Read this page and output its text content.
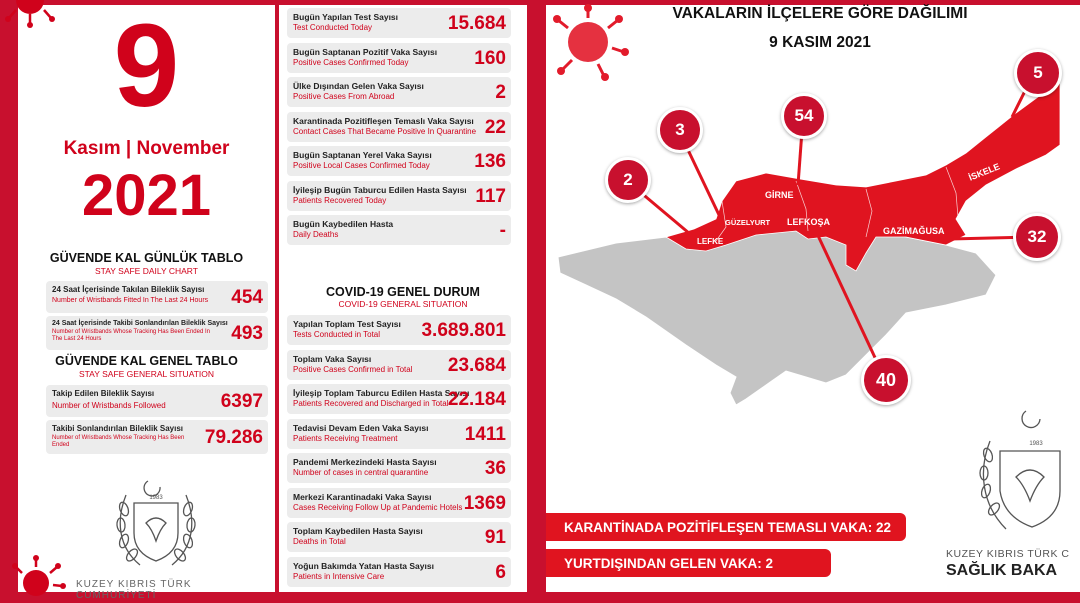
9
Kasım | November
2021
GÜVENDE KAL GÜNLÜK TABLO
STAY SAFE DAILY CHART
24 Saat İçerisinde Takılan Bileklik Sayısı
Number of Wristbands Fitted In The Last 24 Hours 454
24 Saat İçerisinde Takibi Sonlandırılan Bileklik Sayısı
Number of Wristbands Whose Tracking Has Been Ended In The Last 24 Hours	493
GÜVENDE KAL GENEL TABLO
STAY SAFE GENERAL SITUATION
Takip Edilen Bileklik Sayısı
Number of Wristbands Followed	6397
Takibi Sonlandırılan Bileklik Sayısı
Number of Wristbands Whose Tracking Has Been Ended	79.286
1983
KUZEY KIBRIS TÜRK CUMHURİYETİ
Bugün Yapılan Test Sayısı
Test Conducted Today	15.684
Bugün Saptanan Pozitif Vaka Sayısı
Positive Cases Confirmed Today	160
Ülke Dışından Gelen Vaka Sayısı
Positive Cases From Abroad	2
Karantinada Pozitifleşen Temaslı Vaka Sayısı
Contact Cases That Became Positive In Quarantine 22
Bugün Saptanan Yerel Vaka Sayısı
Positive Local Cases Confirmed Today 136
İyileşip Bugün Taburcu Edilen Hasta Sayısı
Patients Recovered Today	117
Bugün Kaybedilen Hasta
Daily Deaths	-
Yapılan Toplam Test Sayısı
Tests Conducted in Total 3.689.801
Toplam Vaka Sayısı
Positive Cases Confirmed in Total 23.684
İyileşip Toplam Taburcu Edilen Hasta Sayısı
Patients Recovered and Discharged in Total 22.184
Tedavisi Devam Eden Vaka Sayısı
Patients Receiving Treatment	1411
Pandemi Merkezindeki Hasta Sayısı
Number of cases in central quarantine	36
Merkezi Karantinadaki Vaka Sayısı
Cases Receiving Follow Up at Pandemic Hotels 1369
Toplam Kaybedilen Hasta Sayısı
Deaths in Total	91
Yoğun Bakımda Yatan Hasta Sayısı
Patients in Intensive Care	6
COVID-19 GENEL DURUM
COVID-19 GENERAL SITUATION
VAKALARIN İLÇELERE GÖRE DAĞILIMI
9 KASIM 2021
LEFKE
GÜZELYURT
GİRNE
LEFKOŞA
GAZİMAĞUSA
İSKELE
2
3
54
5
32
40
KARANTİNADA POZİTİFLEŞEN TEMASLI VAKA: 22
YURTDIŞINDAN GELEN VAKA: 2
1983
KUZEY KIBRIS TÜRK C
SAĞLIK BAKA
